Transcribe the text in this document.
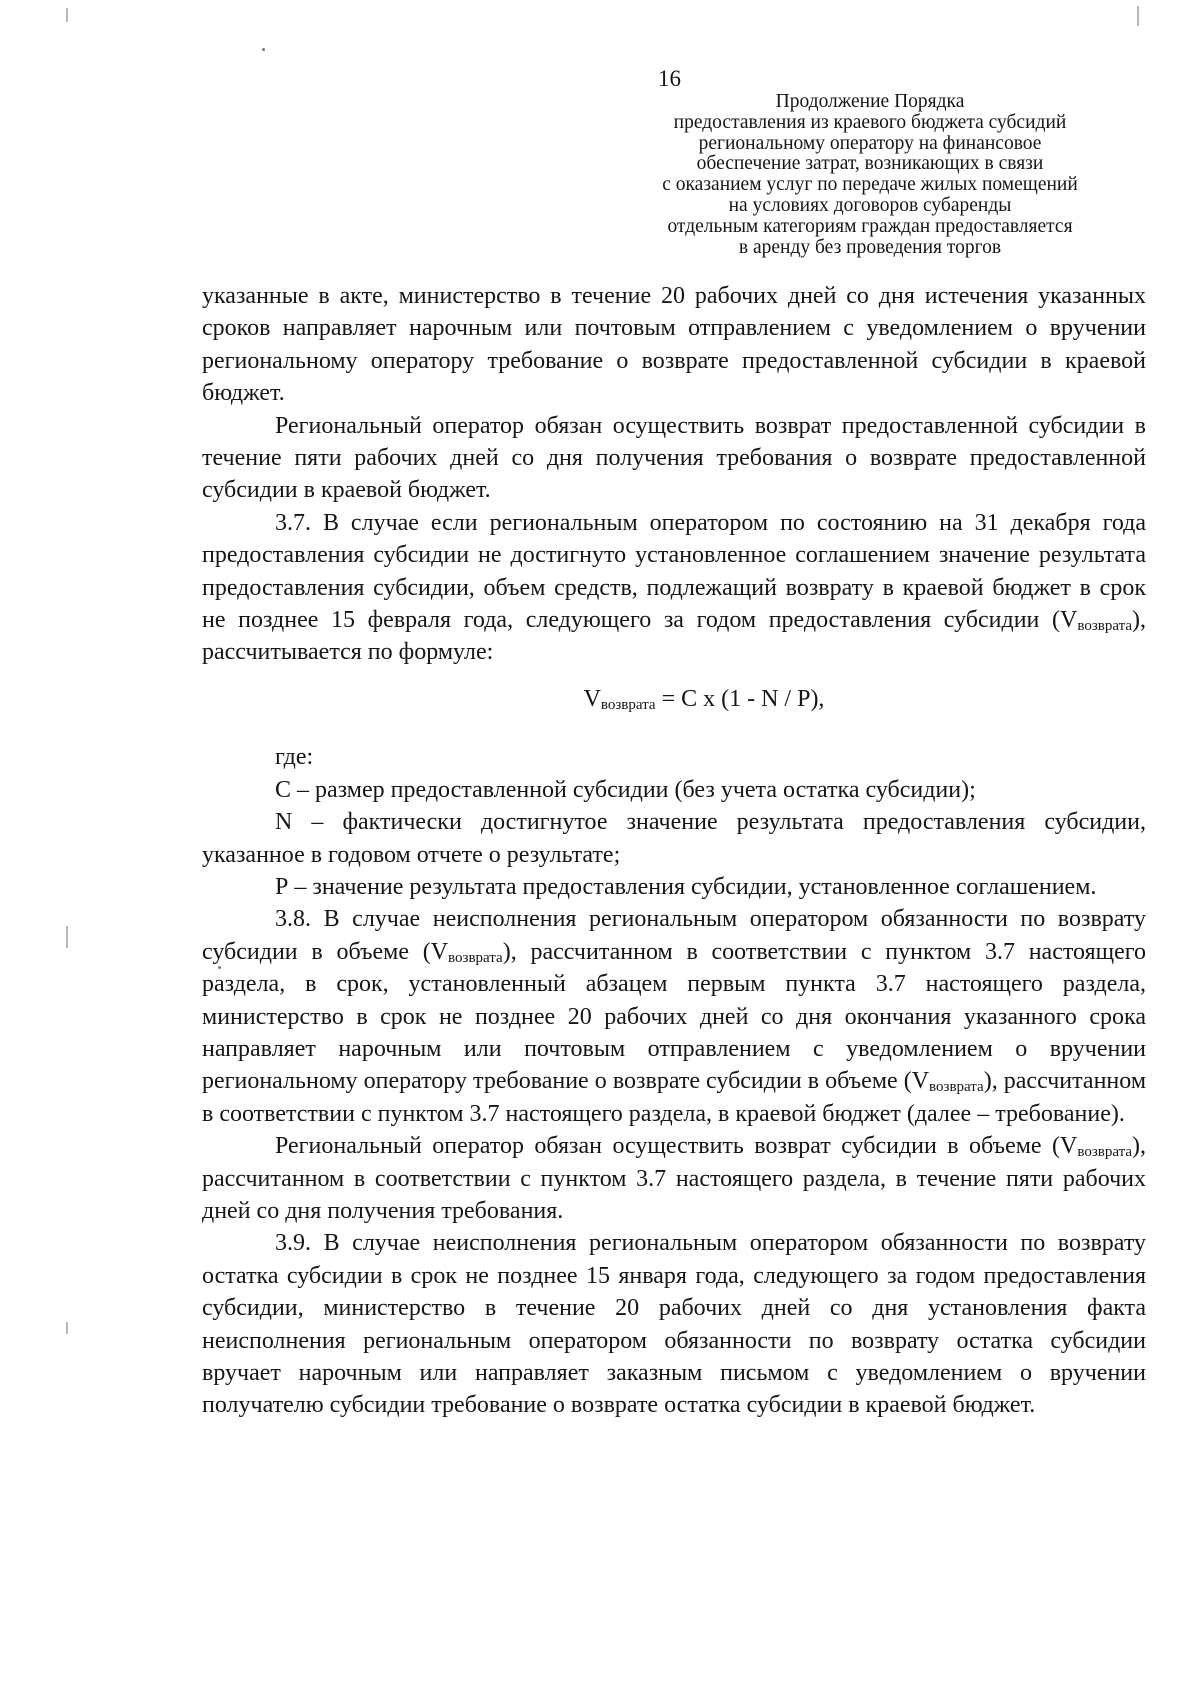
16
Продолжение Порядка
предоставления из краевого бюджета субсидий
региональному оператору на финансовое
обеспечение затрат, возникающих в связи
с оказанием услуг по передаче жилых помещений
на условиях договоров субаренды
отдельным категориям граждан предоставляется
в аренду без проведения торгов

указанные в акте, министерство в течение 20 рабочих дней со дня истечения указанных сроков направляет нарочным или почтовым отправлением с уведомлением о вручении региональному оператору требование о возврате предоставленной субсидии в краевой бюджет.

Региональный оператор обязан осуществить возврат предоставленной субсидии в течение пяти рабочих дней со дня получения требования о возврате предоставленной субсидии в краевой бюджет.

3.7. В случае если региональным оператором по состоянию на 31 декабря года предоставления субсидии не достигнуто установленное соглашением значение результата предоставления субсидии, объем средств, подлежащий возврату в краевой бюджет в срок не позднее 15 февраля года, следующего за годом предоставления субсидии $(V_{возврата})$, рассчитывается по формуле:

$V_{возврата} = C$ x (1 - N / P),

где:

С – размер предоставленной субсидии (без учета остатка субсидии);

N – фактически достигнутое значение результата предоставления субсидии, указанное в годовом отчете о результате;

Р – значение результата предоставления субсидии, установленное соглашением.

3.8. В случае неисполнения региональным оператором обязанности по возврату субсидии в объеме $(V_{возврата})$, рассчитанном в соответствии с пунктом 3.7 настоящего раздела, в срок, установленный абзацем первым пункта 3.7 настоящего раздела, министерство в срок не позднее 20 рабочих дней со дня окончания указанного срока направляет нарочным или почтовым отправлением с уведомлением о вручении региональному оператору требование о возврате субсидии в объеме $(V_{возврата})$, рассчитанном в соответствии с пунктом 3.7 настоящего раздела, в краевой бюджет (далее – требование).

Региональный оператор обязан осуществить возврат субсидии в объеме $(V_{возврата})$, рассчитанном в соответствии с пунктом 3.7 настоящего раздела, в течение пяти рабочих дней со дня получения требования.

3.9. В случае неисполнения региональным оператором обязанности по возврату остатка субсидии в срок не позднее 15 января года, следующего за годом предоставления субсидии, министерство в течение 20 рабочих дней со дня установления факта неисполнения региональным оператором обязанности по возврату остатка субсидии вручает нарочным или направляет заказным письмом с уведомлением о вручении получателю субсидии требование о возврате остатка субсидии в краевой бюджет.
